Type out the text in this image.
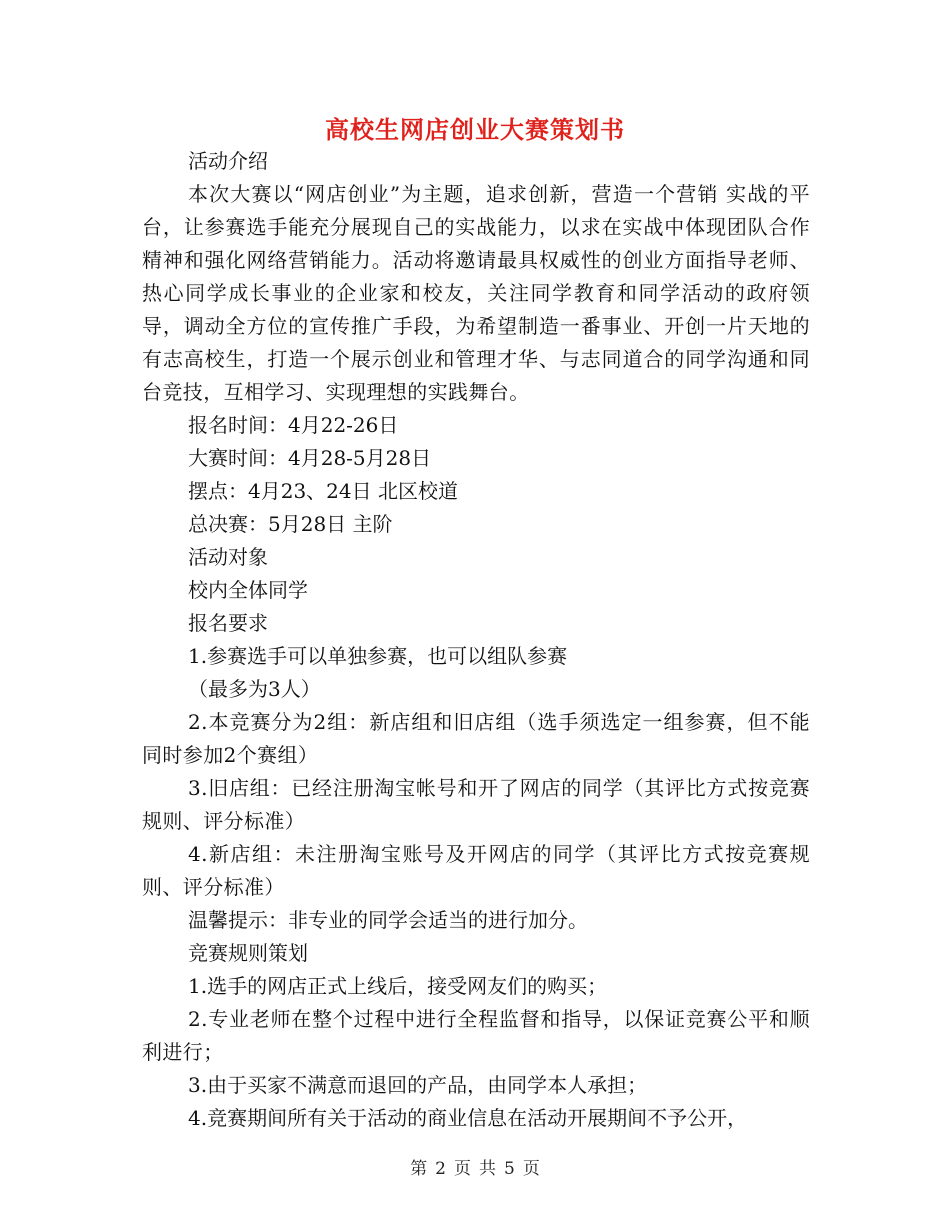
高校生网店创业大赛策划书

活动介绍

本次大赛以“网店创业”为主题，追求创新，营造一个营销 实战的平台，让参赛选手能充分展现自己的实战能力，以求在实战中体现团队合作精神和强化网络营销能力。活动将邀请最具权威性的创业方面指导老师、热心同学成长事业的企业家和校友，关注同学教育和同学活动的政府领导，调动全方位的宣传推广手段，为希望制造一番事业、开创一片天地的有志高校生，打造一个展示创业和管理才华、与志同道合的同学沟通和同台竞技，互相学习、实现理想的实践舞台。

报名时间：4月22-26日

大赛时间：4月28-5月28日

摆点：4月23、24日 北区校道

总决赛：5月28日 主阶

活动对象

校内全体同学

报名要求

1.参赛选手可以单独参赛，也可以组队参赛

（最多为3人）

2.本竞赛分为2组：新店组和旧店组（选手须选定一组参赛，但不能同时参加2个赛组）

3.旧店组：已经注册淘宝帐号和开了网店的同学（其评比方式按竞赛规则、评分标准）

4.新店组：未注册淘宝账号及开网店的同学（其评比方式按竞赛规则、评分标准）

温馨提示：非专业的同学会适当的进行加分。

竞赛规则策划

1.选手的网店正式上线后，接受网友们的购买；

2.专业老师在整个过程中进行全程监督和指导，以保证竞赛公平和顺利进行；

3.由于买家不满意而退回的产品，由同学本人承担；

4.竞赛期间所有关于活动的商业信息在活动开展期间不予公开，

第 2 页 共 5 页
